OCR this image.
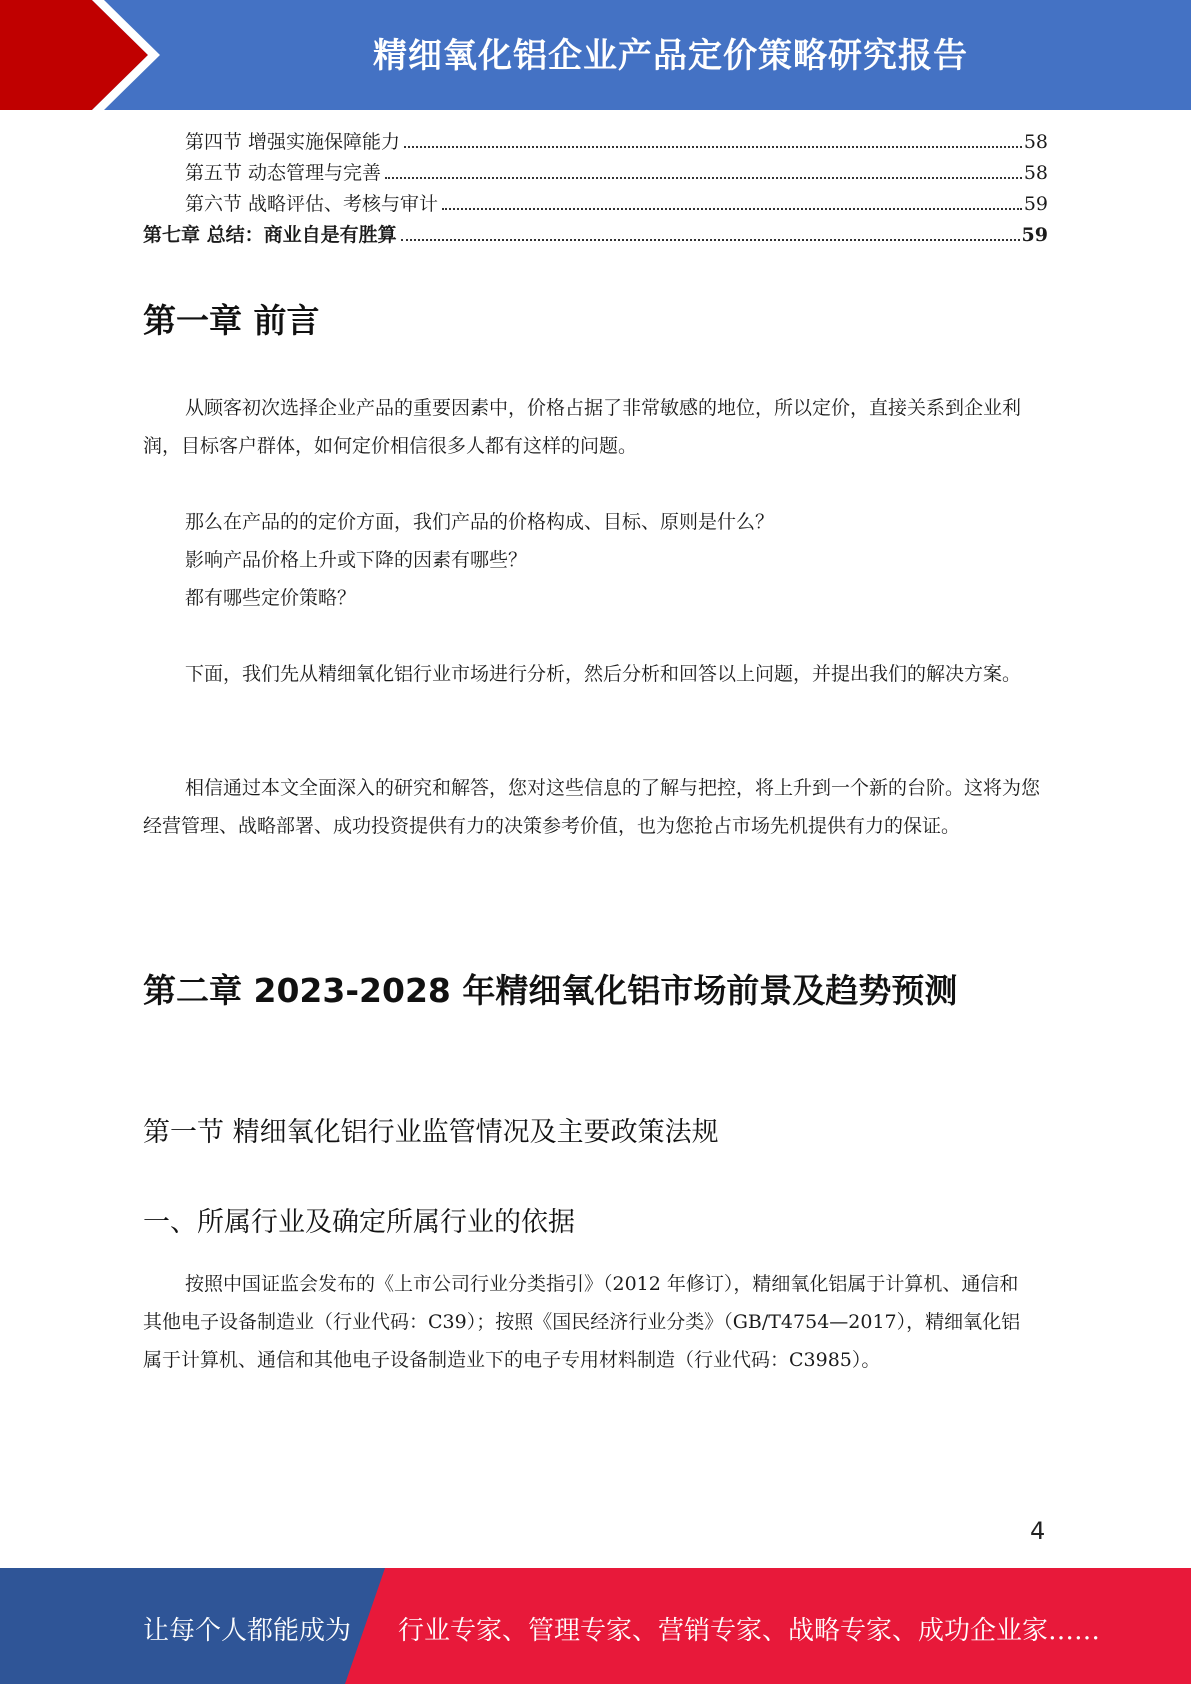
精细氧化铝企业产品定价策略研究报告
第四节 增强实施保障能力	58
第五节 动态管理与完善	58
第六节 战略评估、考核与审计	59
第七章 总结：商业自是有胜算	59
第一章 前言

从顾客初次选择企业产品的重要因素中，价格占据了非常敏感的地位，所以定价，直接关系到企业利润，目标客户群体，如何定价相信很多人都有这样的问题。

那么在产品的的定价方面，我们产品的价格构成、目标、原则是什么？

影响产品价格上升或下降的因素有哪些？

都有哪些定价策略？

下面，我们先从精细氧化铝行业市场进行分析，然后分析和回答以上问题，并提出我们的解决方案。

相信通过本文全面深入的研究和解答，您对这些信息的了解与把控，将上升到一个新的台阶。这将为您经营管理、战略部署、成功投资提供有力的决策参考价值，也为您抢占市场先机提供有力的保证。

第二章 2023-2028 年精细氧化铝市场前景及趋势预测
第一节 精细氧化铝行业监管情况及主要政策法规
一、所属行业及确定所属行业的依据

按照中国证监会发布的《上市公司行业分类指引》（2012 年修订），精细氧化铝属于计算机、通信和其他电子设备制造业（行业代码：C39）；按照《国民经济行业分类》（GB/T4754—2017），精细氧化铝属于计算机、通信和其他电子设备制造业下的电子专用材料制造（行业代码：C3985）。

4
让每个人都能成为 行业专家、管理专家、营销专家、战略专家、成功企业家……
